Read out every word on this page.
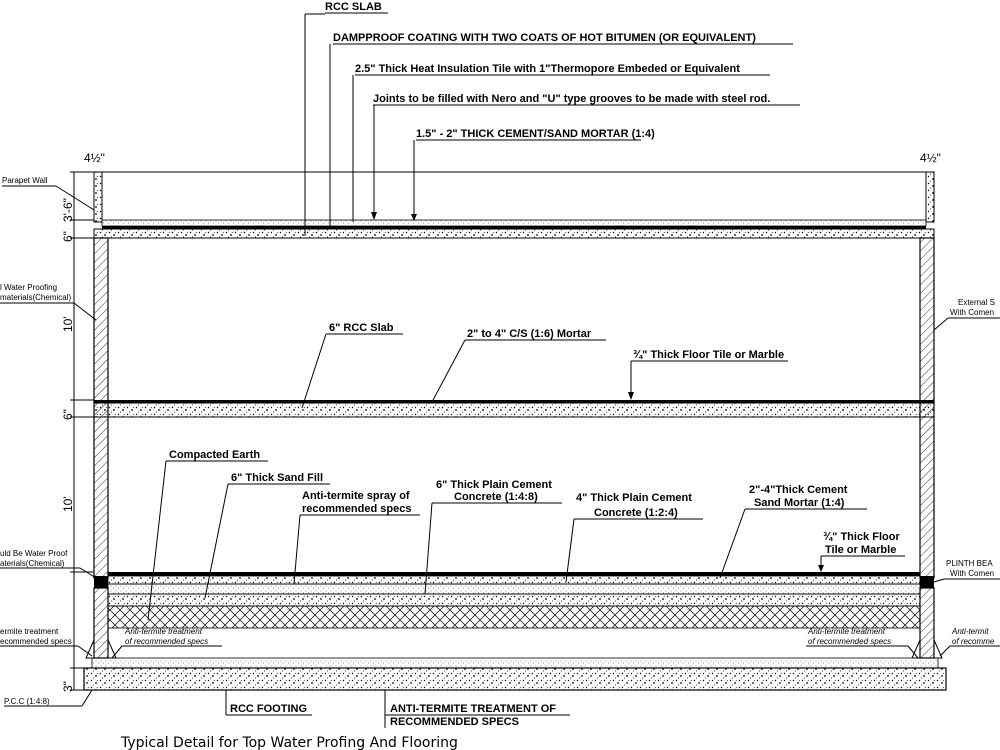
RCC SLAB
DAMPPROOF COATING WITH TWO COATS OF HOT BITUMEN (OR EQUIVALENT)
2.5" Thick Heat Insulation Tile with 1"Thermopore Embeded or Equivalent
Joints to be filled with Nero and "U" type grooves to be made with steel rod.
1.5" - 2" THICK CEMENT/SAND MORTAR (1:4)
4½"	4½"
Parapet Wall
3'-6"
6"
10'
6"
10'
3"
l Water Proofing
materials(Chemical)
uld Be Water Proof
aterials(Chemical)
ermite treatment
ecommended specs
P.C.C (1:4:8)
External S
With Comen
PLINTH BEA
With Comen
Anti-termit
of recomme
Anti-termite treatment
of recommended specs
Anti-termite treatment
of recommended specs
6" RCC Slab	2" to 4" C/S (1:6) Mortar
¾" Thick Floor Tile or Marble
Compacted Earth
6" Thick Sand Fill
Anti-termite spray of
recommended specs
6" Thick Plain Cement
Concrete (1:4:8)	4" Thick Plain Cement
Concrete (1:2:4)
2"-4"Thick Cement
Sand Mortar (1:4)
¾" Thick Floor
Tile or Marble
RCC FOOTING	ANTI-TERMITE TREATMENT OF
RECOMMENDED SPECS
Typical Detail for Top Water Profing And Flooring
